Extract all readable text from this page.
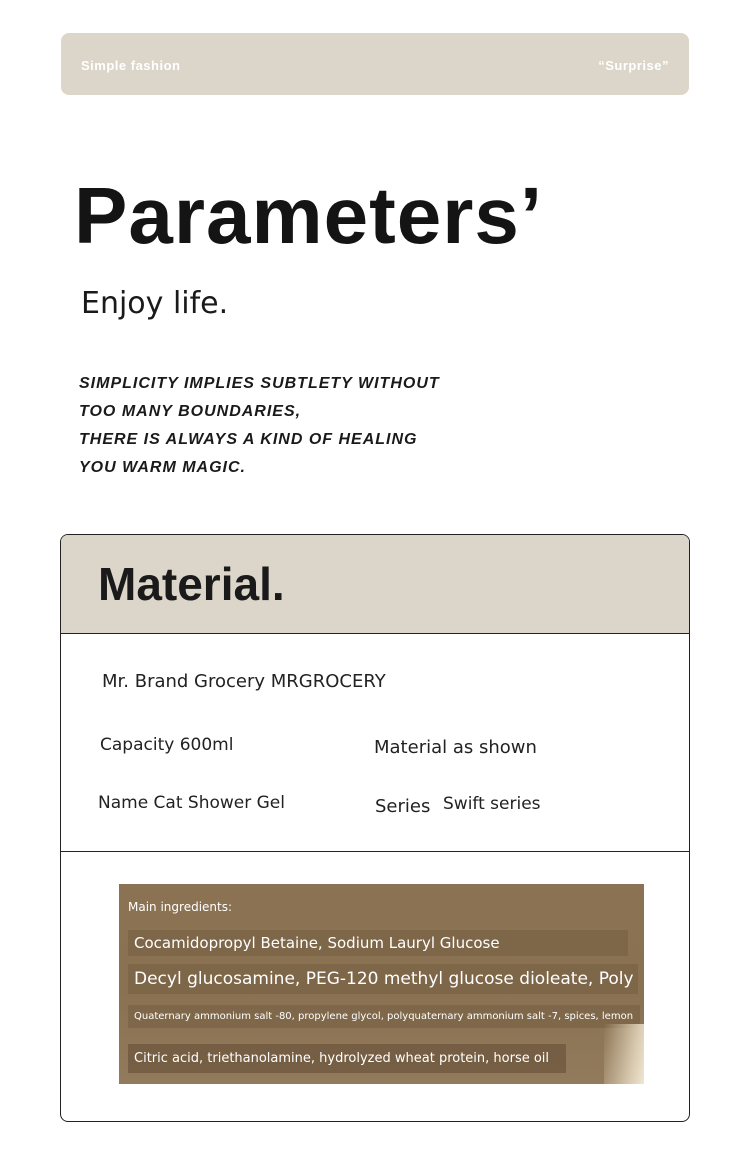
Simple fashion	“Surprise”
Parameters’

Enjoy life.

SIMPLICITY IMPLIES SUBTLETY WITHOUT
TOO MANY BOUNDARIES,
THERE IS ALWAYS A KIND OF HEALING
YOU WARM MAGIC.
Material.
Mr. Brand Grocery MRGROCERY
Capacity 600ml	Material as shown
Name Cat Shower Gel	Series Swift series
Main ingredients:
Cocamidopropyl Betaine, Sodium Lauryl Glucose
Decyl glucosamine, PEG-120 methyl glucose dioleate, Poly
Quaternary ammonium salt -80, propylene glycol, polyquaternary ammonium salt -7, spices, lemon
Citric acid, triethanolamine, hydrolyzed wheat protein, horse oil
